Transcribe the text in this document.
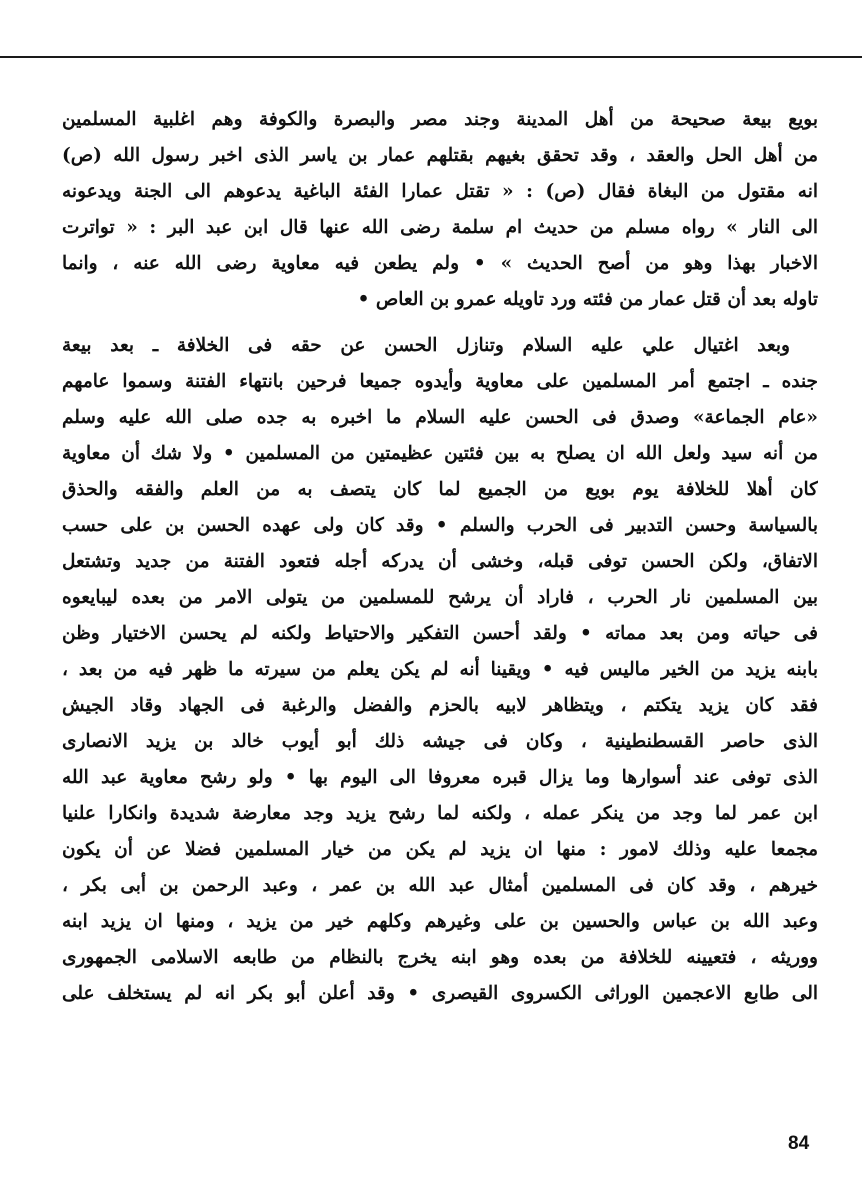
بويع بيعة صحيحة من أهل المدينة وجند مصر والبصرة والكوفة وهم اغلبية المسلمين
من أهل الحل والعقد ، وقد تحقق بغيهم بقتلهم عمار بن ياسر الذى اخبر رسول الله (ص)
انه مقتول من البغاة فقال (ص) : « تقتل عمارا الفئة الباغية يدعوهم الى الجنة ويدعونه
الى النار » رواه مسلم من حديث ام سلمة رضى الله عنها قال ابن عبد البر : « تواترت
الاخبار بهذا وهو من أصح الحديث » • ولم يطعن فيه معاوية رضى الله عنه ، وانما
تاوله بعد أن قتل عمار من فئته ورد تاويله عمرو بن العاص •
وبعد اغتيال علي عليه السلام وتنازل الحسن عن حقه فى الخلافة ـ بعد بيعة
جنده ـ اجتمع أمر المسلمين على معاوية وأيدوه جميعا فرحين بانتهاء الفتنة وسموا عامهم
«عام الجماعة» وصدق فى الحسن عليه السلام ما اخبره به جده صلى الله عليه وسلم
من أنه سيد ولعل الله ان يصلح به بين فئتين عظيمتين من المسلمين • ولا شك أن معاوية
كان أهلا للخلافة يوم بويع من الجميع لما كان يتصف به من العلم والفقه والحذق
بالسياسة وحسن التدبير فى الحرب والسلم • وقد كان ولى عهده الحسن بن على حسب
الاتفاق، ولكن الحسن توفى قبله، وخشى أن يدركه أجله فتعود الفتنة من جديد وتشتعل
بين المسلمين نار الحرب ، فاراد أن يرشح للمسلمين من يتولى الامر من بعده ليبايعوه
فى حياته ومن بعد مماته • ولقد أحسن التفكير والاحتياط ولكنه لم يحسن الاختيار وظن
بابنه يزيد من الخير ماليس فيه • ويقينا أنه لم يكن يعلم من سيرته ما ظهر فيه من بعد ،
فقد كان يزيد يتكتم ، ويتظاهر لابيه بالحزم والفضل والرغبة فى الجهاد وقاد الجيش
الذى حاصر القسطنطينية ، وكان فى جيشه ذلك أبو أيوب خالد بن يزيد الانصارى
الذى توفى عند أسوارها وما يزال قبره معروفا الى اليوم بها • ولو رشح معاوية عبد الله
ابن عمر لما وجد من ينكر عمله ، ولكنه لما رشح يزيد وجد معارضة شديدة وانكارا علنيا
مجمعا عليه وذلك لامور : منها ان يزيد لم يكن من خيار المسلمين فضلا عن أن يكون
خيرهم ، وقد كان فى المسلمين أمثال عبد الله بن عمر ، وعبد الرحمن بن أبى بكر ،
وعبد الله بن عباس والحسين بن على وغيرهم وكلهم خير من يزيد ، ومنها ان يزيد ابنه
ووريثه ، فتعيينه للخلافة من بعده وهو ابنه يخرج بالنظام من طابعه الاسلامى الجمهورى
الى طابع الاعجمين الوراثى الكسروى القيصرى • وقد أعلن أبو بكر انه لم يستخلف على
84
